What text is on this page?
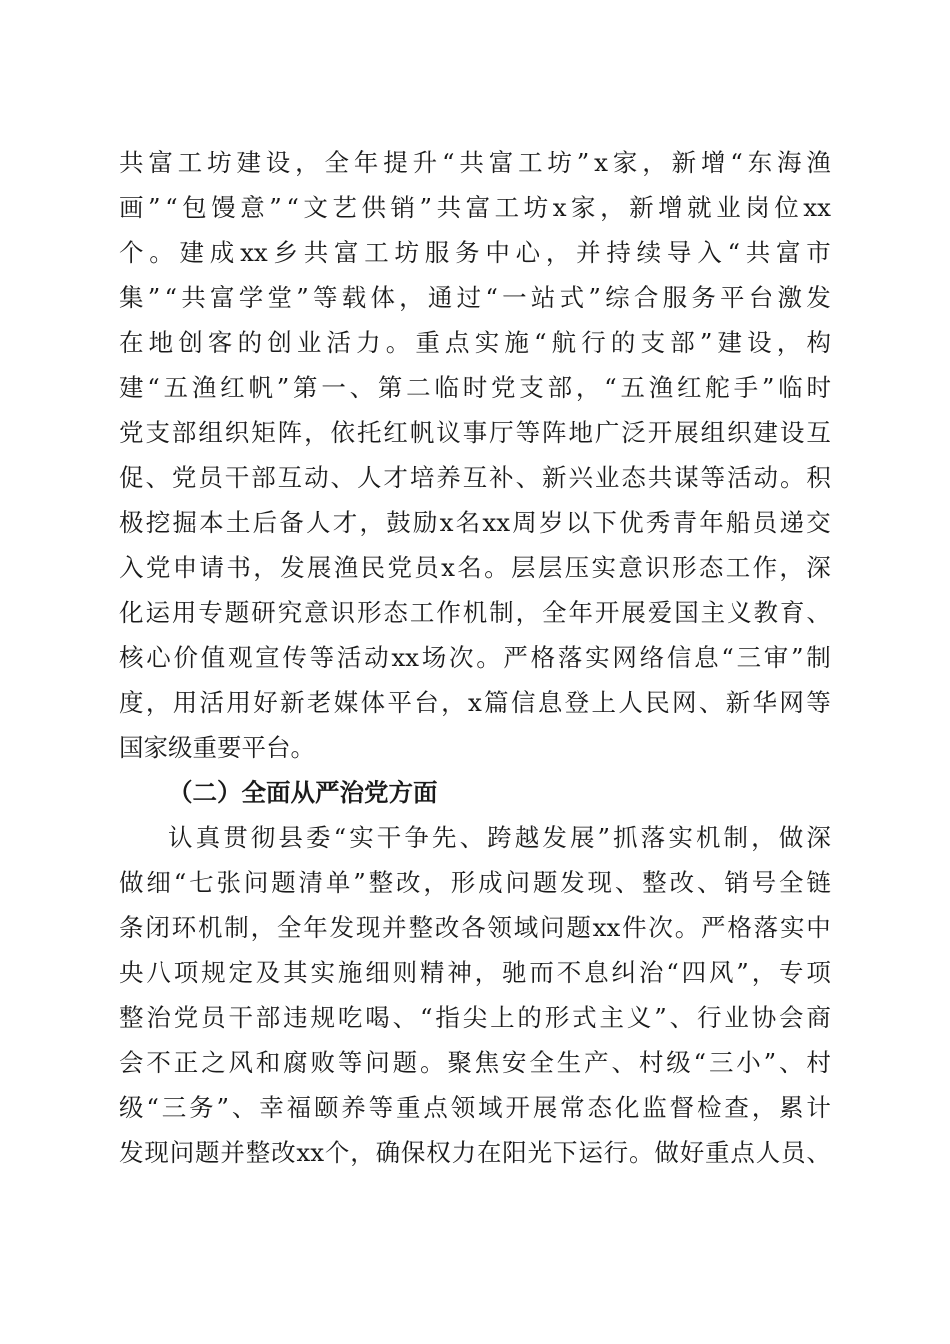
共 富 工 坊 建 设 ， 全 年 提 升 “ 共 富 工 坊 ” x 家 ， 新 增 “ 东 海 渔
画 ” “ 包 馒 意 ” “ 文 艺 供 销 ” 共 富 工 坊 x 家 ， 新 增 就 业 岗 位 xx
个 。 建 成 xx 乡 共 富 工 坊 服 务 中 心 ， 并 持 续 导 入 “ 共 富 市
集 ” “ 共 富 学 堂 ” 等 载 体 ， 通 过 “ 一 站 式 ” 综 合 服 务 平 台 激 发
在 地 创 客 的 创 业 活 力 。 重 点 实 施 “ 航 行 的 支 部 ” 建 设 ， 构
建 “ 五 渔 红 帆 ” 第 一 、 第 二 临 时 党 支 部 ， “ 五 渔 红 舵 手 ” 临 时
党 支 部 组 织 矩 阵 ， 依 托 红 帆 议 事 厅 等 阵 地 广 泛 开 展 组 织 建 设 互
促 、 党 员 干 部 互 动 、 人 才 培 养 互 补 、 新 兴 业 态 共 谋 等 活 动 。 积
极 挖 掘 本 土 后 备 人 才 ， 鼓 励 x 名 xx 周 岁 以 下 优 秀 青 年 船 员 递 交
入 党 申 请 书 ， 发 展 渔 民 党 员 x 名 。 层 层 压 实 意 识 形 态 工 作 ， 深
化 运 用 专 题 研 究 意 识 形 态 工 作 机 制 ， 全 年 开 展 爱 国 主 义 教 育 、
核 心 价 值 观 宣 传 等 活 动 xx 场 次 。 严 格 落 实 网 络 信 息 “ 三 审 ” 制
度 ， 用 活 用 好 新 老 媒 体 平 台 ， x 篇 信 息 登 上 人 民 网 、 新 华 网 等
国家级重要平台。
（二）全面从严治党方面
认 真 贯 彻 县 委 “ 实 干 争 先 、 跨 越 发 展 ” 抓 落 实 机 制 ， 做 深
做 细 “ 七 张 问 题 清 单 ” 整 改 ， 形 成 问 题 发 现 、 整 改 、 销 号 全 链
条 闭 环 机 制 ， 全 年 发 现 并 整 改 各 领 域 问 题 xx 件 次 。 严 格 落 实 中
央 八 项 规 定 及 其 实 施 细 则 精 神 ， 驰 而 不 息 纠 治 “ 四 风 ” ， 专 项
整 治 党 员 干 部 违 规 吃 喝 、 “ 指 尖 上 的 形 式 主 义 ” 、 行 业 协 会 商
会 不 正 之 风 和 腐 败 等 问 题 。 聚 焦 安 全 生 产 、 村 级 “ 三 小 ” 、 村
级 “ 三 务 ” 、 幸 福 颐 养 等 重 点 领 域 开 展 常 态 化 监 督 检 查 ， 累 计
发 现 问 题 并 整 改 xx 个 ， 确 保 权 力 在 阳 光 下 运 行 。 做 好 重 点 人 员 、
